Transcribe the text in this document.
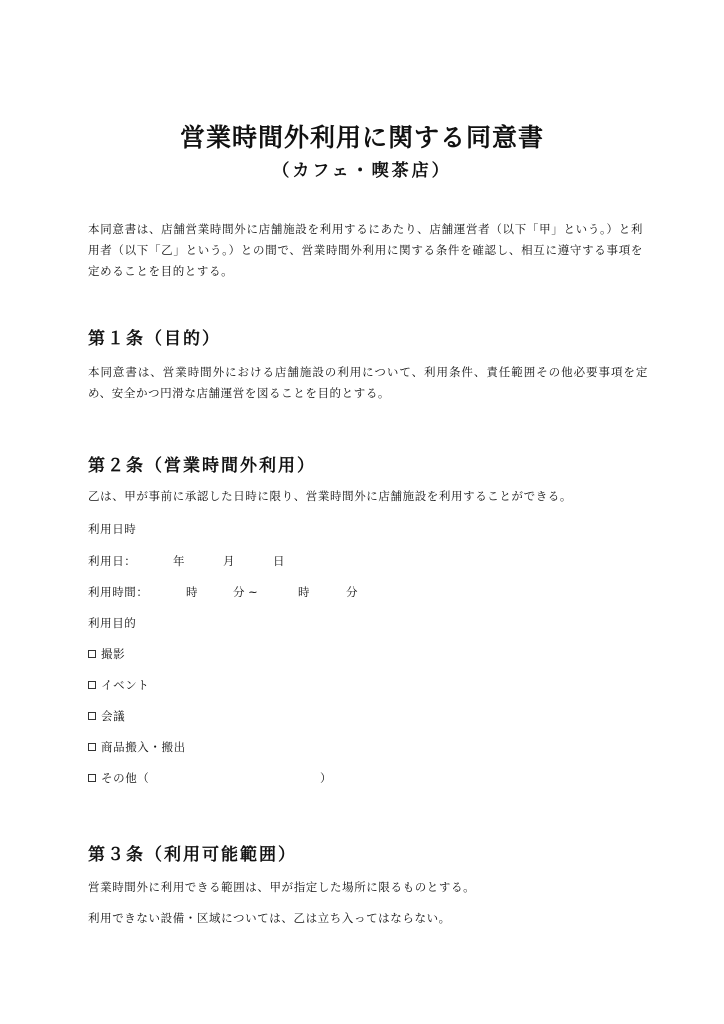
営業時間外利用に関する同意書
（カフェ・喫茶店）
本同意書は、店舗営業時間外に店舗施設を利用するにあたり、店舗運営者（以下「甲」という。）と利用者（以下「乙」という。）との間で、営業時間外利用に関する条件を確認し、相互に遵守する事項を定めることを目的とする。
第１条（目的）
本同意書は、営業時間外における店舗施設の利用について、利用条件、責任範囲その他必要事項を定め、安全かつ円滑な店舗運営を図ることを目的とする。
第２条（営業時間外利用）
乙は、甲が事前に承認した日時に限り、営業時間外に店舗施設を利用することができる。
利用日時
利用日：	年	月	日
利用時間：	時	分 ~	時	分
利用目的
撮影
イベント
会議
商品搬入・搬出
その他（	）
第３条（利用可能範囲）
営業時間外に利用できる範囲は、甲が指定した場所に限るものとする。
利用できない設備・区域については、乙は立ち入ってはならない。
